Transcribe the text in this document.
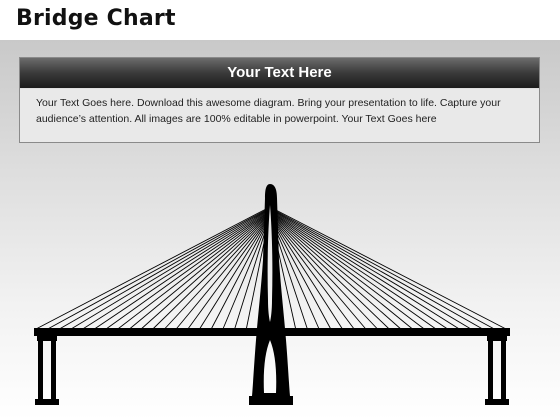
Bridge Chart
Your Text Here
Your Text Goes here. Download this awesome diagram. Bring your presentation to life. Capture your audience’s attention. All images are 100% editable in powerpoint. Your Text Goes here
